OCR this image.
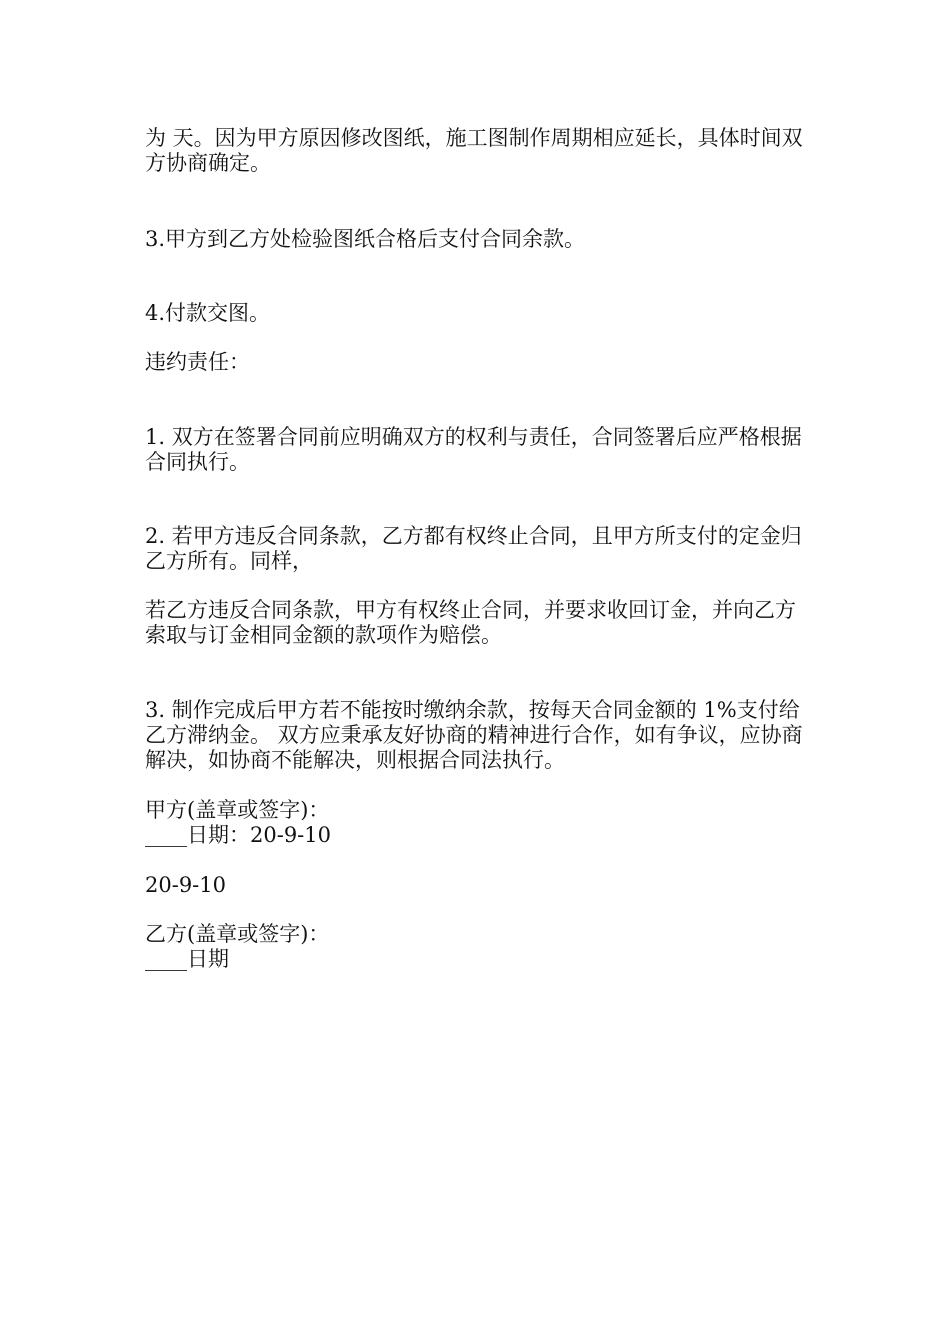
为 天。因为甲方原因修改图纸，施工图制作周期相应延长，具体时间双方协商确定。

3.甲方到乙方处检验图纸合格后支付合同余款。

4.付款交图。

违约责任：

1. 双方在签署合同前应明确双方的权利与责任，合同签署后应严格根据合同执行。

2. 若甲方违反合同条款，乙方都有权终止合同，且甲方所支付的定金归乙方所有。同样，

若乙方违反合同条款，甲方有权终止合同，并要求收回订金，并向乙方索取与订金相同金额的款项作为赔偿。

3. 制作完成后甲方若不能按时缴纳余款，按每天合同金额的 1%支付给乙方滞纳金。 双方应秉承友好协商的精神进行合作，如有争议，应协商解决，如协商不能解决，则根据合同法执行。

甲方(盖章或签字)：

____日期：20-9-10

20-9-10

乙方(盖章或签字)：

____日期
